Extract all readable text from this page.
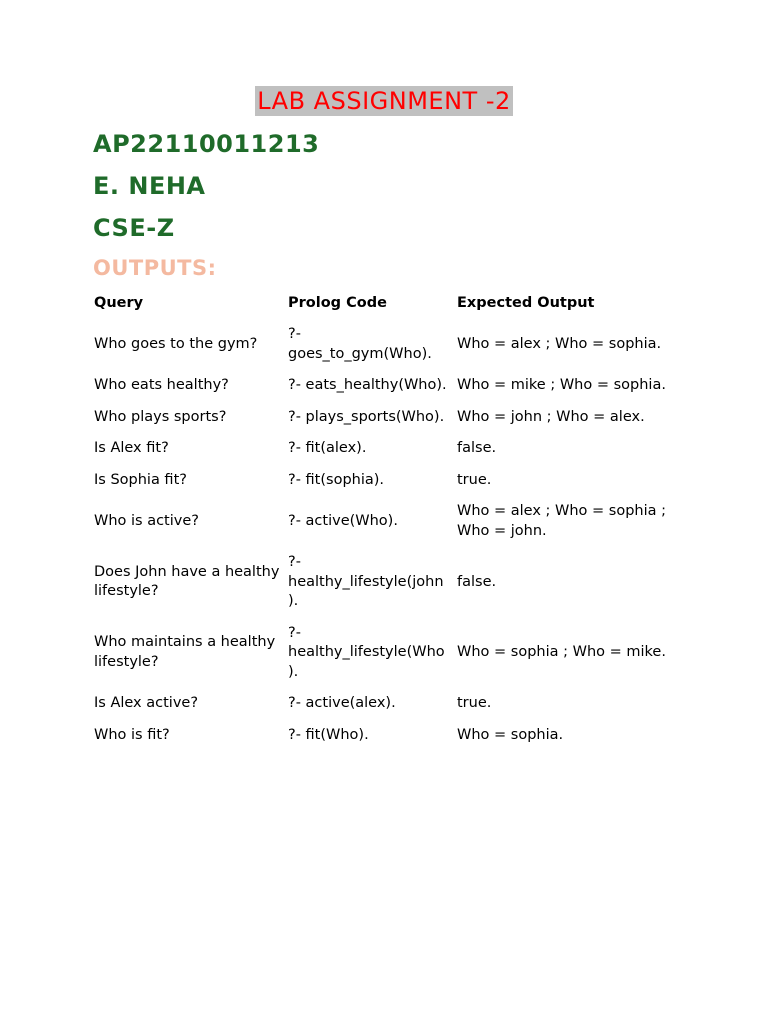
LAB ASSIGNMENT -2
AP22110011213
E. NEHA
CSE-Z
OUTPUTS:
Query	Prolog Code	Expected Output
Who goes to the gym?	?- goes_to_gym(Who).	Who = alex ; Who = sophia.
Who eats healthy?	?- eats_healthy(Who).	Who = mike ; Who = sophia.
Who plays sports?	?- plays_sports(Who).	Who = john ; Who = alex.
Is Alex fit?	?- fit(alex).	false.
Is Sophia fit?	?- fit(sophia).	true.
Who is active?	?- active(Who).	Who = alex ; Who = sophia ; Who = john.
Does John have a healthy lifestyle?	?- healthy_lifestyle(john).	false.
Who maintains a healthy lifestyle?	?- healthy_lifestyle(Who).	Who = sophia ; Who = mike.
Is Alex active?	?- active(alex).	true.
Who is fit?	?- fit(Who).	Who = sophia.
